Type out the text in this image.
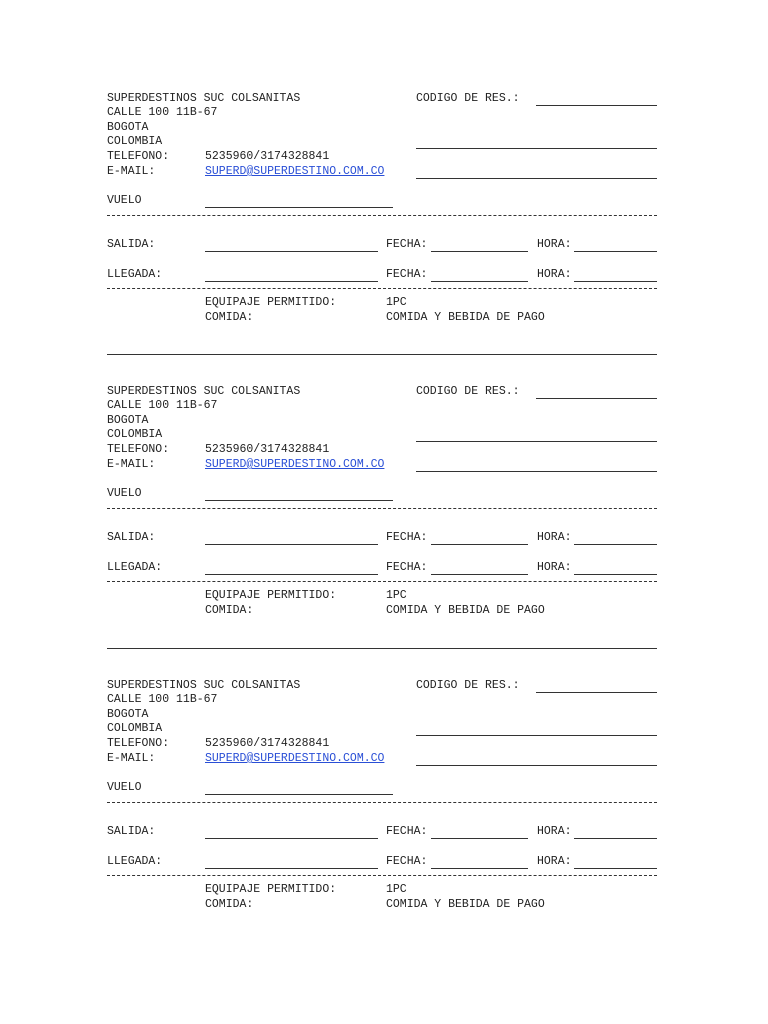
SUPERDESTINOS SUC COLSANITAS	CODIGO DE RES.:
CALLE 100 11B-67
BOGOTA
COLOMBIA
TELEFONO:	5235960/3174328841
E-MAIL:	SUPERD@SUPERDESTINO.COM.CO
VUELO
SALIDA:	FECHA:	HORA:
LLEGADA:	FECHA:	HORA:
EQUIPAJE PERMITIDO:	1PC
COMIDA:	COMIDA Y BEBIDA DE PAGO
SUPERDESTINOS SUC COLSANITAS	CODIGO DE RES.:
CALLE 100 11B-67
BOGOTA
COLOMBIA
TELEFONO:	5235960/3174328841
E-MAIL:	SUPERD@SUPERDESTINO.COM.CO
VUELO
SALIDA:	FECHA:	HORA:
LLEGADA:	FECHA:	HORA:
EQUIPAJE PERMITIDO:	1PC
COMIDA:	COMIDA Y BEBIDA DE PAGO
SUPERDESTINOS SUC COLSANITAS	CODIGO DE RES.:
CALLE 100 11B-67
BOGOTA
COLOMBIA
TELEFONO:	5235960/3174328841
E-MAIL:	SUPERD@SUPERDESTINO.COM.CO
VUELO
SALIDA:	FECHA:	HORA:
LLEGADA:	FECHA:	HORA:
EQUIPAJE PERMITIDO:	1PC
COMIDA:	COMIDA Y BEBIDA DE PAGO
